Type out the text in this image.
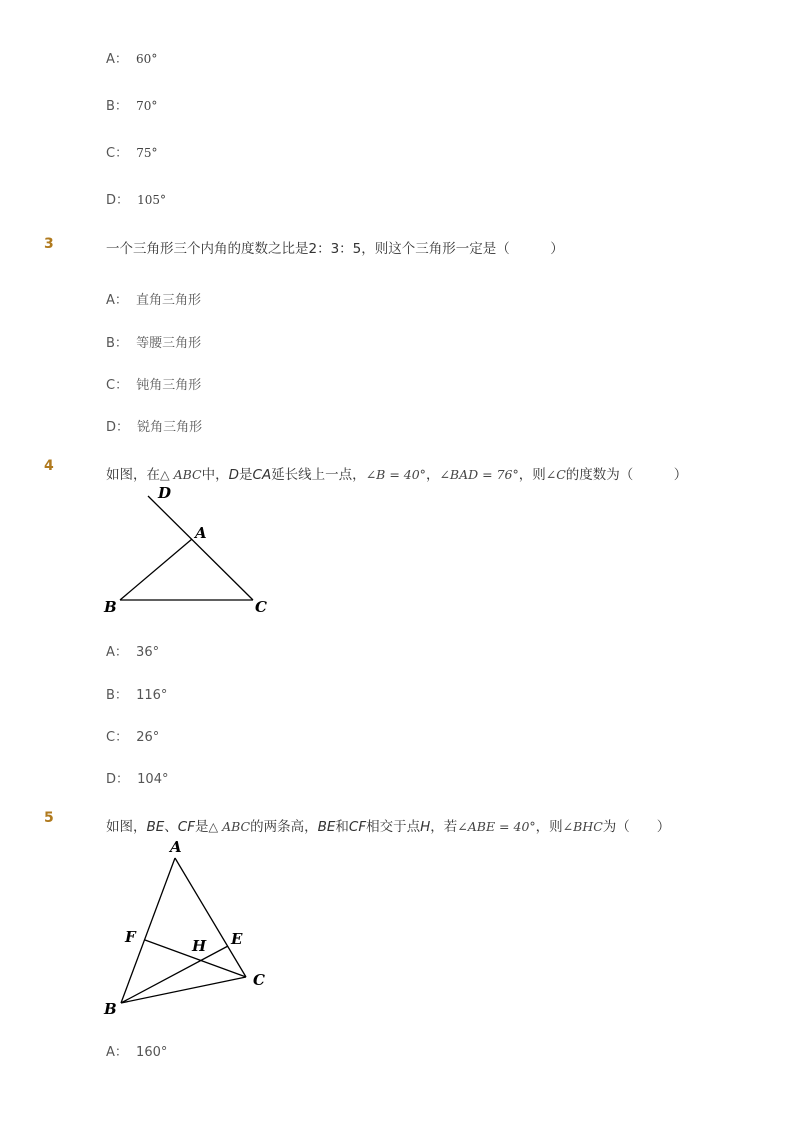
A： 60°
B： 70°
C： 75°
D： 105°
3	一个三角形三个内角的度数之比是2：3：5，则这个三角形一定是（　　　）
A： 直角三角形
B： 等腰三角形
C： 钝角三角形
D： 锐角三角形
4
如图，在△ ABC中，D是CA延长线上一点，∠B = 40°，∠BAD = 76°，则∠C的度数为（　　　）
D
A
B	C
A： 36°
B： 116°
C： 26°
D： 104°
5
如图，BE、CF是△ ABC的两条高，BE和CF相交于点H，若∠ABE = 40°，则∠BHC为（　　）
A
F	H E
C
B
A： 160°
